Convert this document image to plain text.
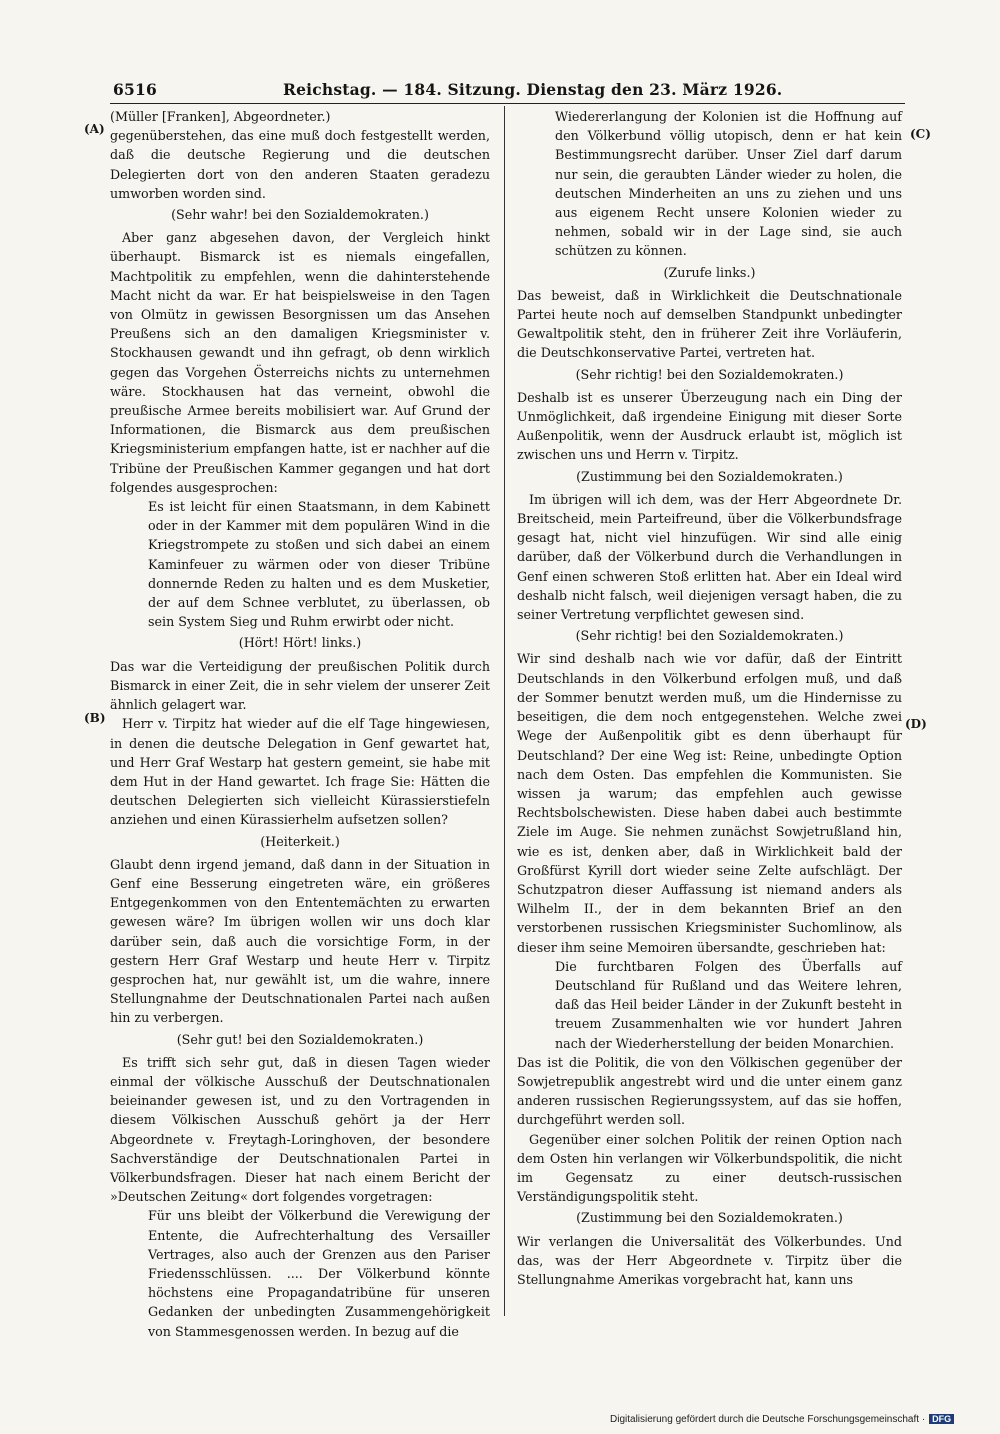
6516	Reichstag. — 184. Sitzung. Dienstag den 23. März 1926.
(A)
(B)
(C)
(D)

(Müller [Franken], Abgeordneter.)

gegenüberstehen, das eine muß doch festgestellt werden, daß die deutsche Regierung und die deutschen Delegierten dort von den anderen Staaten geradezu umworben worden sind.

(Sehr wahr! bei den Sozialdemokraten.)

Aber ganz abgesehen davon, der Vergleich hinkt überhaupt. Bismarck ist es niemals eingefallen, Machtpolitik zu empfehlen, wenn die dahinterstehende Macht nicht da war. Er hat beispielsweise in den Tagen von Olmütz in gewissen Besorgnissen um das Ansehen Preußens sich an den damaligen Kriegsminister v. Stockhausen gewandt und ihn gefragt, ob denn wirklich gegen das Vorgehen Österreichs nichts zu unternehmen wäre. Stockhausen hat das verneint, obwohl die preußische Armee bereits mobilisiert war. Auf Grund der Informationen, die Bismarck aus dem preußischen Kriegsministerium empfangen hatte, ist er nachher auf die Tribüne der Preußischen Kammer gegangen und hat dort folgendes ausgesprochen:

Es ist leicht für einen Staatsmann, in dem Kabinett oder in der Kammer mit dem populären Wind in die Kriegstrompete zu stoßen und sich dabei an einem Kaminfeuer zu wärmen oder von dieser Tribüne donnernde Reden zu halten und es dem Musketier, der auf dem Schnee verblutet, zu überlassen, ob sein System Sieg und Ruhm erwirbt oder nicht.

(Hört! Hört! links.)

Das war die Verteidigung der preußischen Politik durch Bismarck in einer Zeit, die in sehr vielem der unserer Zeit ähnlich gelagert war.

Herr v. Tirpitz hat wieder auf die elf Tage hingewiesen, in denen die deutsche Delegation in Genf gewartet hat, und Herr Graf Westarp hat gestern gemeint, sie habe mit dem Hut in der Hand gewartet. Ich frage Sie: Hätten die deutschen Delegierten sich vielleicht Kürassierstiefeln anziehen und einen Kürassierhelm aufsetzen sollen?

(Heiterkeit.)

Glaubt denn irgend jemand, daß dann in der Situation in Genf eine Besserung eingetreten wäre, ein größeres Entgegenkommen von den Ententemächten zu erwarten gewesen wäre? Im übrigen wollen wir uns doch klar darüber sein, daß auch die vorsichtige Form, in der gestern Herr Graf Westarp und heute Herr v. Tirpitz gesprochen hat, nur gewählt ist, um die wahre, innere Stellungnahme der Deutschnationalen Partei nach außen hin zu verbergen.

(Sehr gut! bei den Sozialdemokraten.)

Es trifft sich sehr gut, daß in diesen Tagen wieder einmal der völkische Ausschuß der Deutschnationalen beieinander gewesen ist, und zu den Vortragenden in diesem Völkischen Ausschuß gehört ja der Herr Abgeordnete v. Freytagh-Loringhoven, der besondere Sachverständige der Deutschnationalen Partei in Völkerbundsfragen. Dieser hat nach einem Bericht der »Deutschen Zeitung« dort folgendes vorgetragen:

Für uns bleibt der Völkerbund die Verewigung der Entente, die Aufrechterhaltung des Versailler Vertrages, also auch der Grenzen aus den Pariser Friedensschlüssen. .... Der Völkerbund könnte höchstens eine Propagandatribüne für unseren Gedanken der unbedingten Zusammengehörigkeit von Stammesgenossen werden. In bezug auf die

Wiedererlangung der Kolonien ist die Hoffnung auf den Völkerbund völlig utopisch, denn er hat kein Bestimmungsrecht darüber. Unser Ziel darf darum nur sein, die geraubten Länder wieder zu holen, die deutschen Minderheiten an uns zu ziehen und uns aus eigenem Recht unsere Kolonien wieder zu nehmen, sobald wir in der Lage sind, sie auch schützen zu können.

(Zurufe links.)

Das beweist, daß in Wirklichkeit die Deutschnationale Partei heute noch auf demselben Standpunkt unbedingter Gewaltpolitik steht, den in früherer Zeit ihre Vorläuferin, die Deutschkonservative Partei, vertreten hat.

(Sehr richtig! bei den Sozialdemokraten.)

Deshalb ist es unserer Überzeugung nach ein Ding der Unmöglichkeit, daß irgendeine Einigung mit dieser Sorte Außenpolitik, wenn der Ausdruck erlaubt ist, möglich ist zwischen uns und Herrn v. Tirpitz.

(Zustimmung bei den Sozialdemokraten.)

Im übrigen will ich dem, was der Herr Abgeordnete Dr. Breitscheid, mein Parteifreund, über die Völkerbundsfrage gesagt hat, nicht viel hinzufügen. Wir sind alle einig darüber, daß der Völkerbund durch die Verhandlungen in Genf einen schweren Stoß erlitten hat. Aber ein Ideal wird deshalb nicht falsch, weil diejenigen versagt haben, die zu seiner Vertretung verpflichtet gewesen sind.

(Sehr richtig! bei den Sozialdemokraten.)

Wir sind deshalb nach wie vor dafür, daß der Eintritt Deutschlands in den Völkerbund erfolgen muß, und daß der Sommer benutzt werden muß, um die Hindernisse zu beseitigen, die dem noch entgegenstehen. Welche zwei Wege der Außenpolitik gibt es denn überhaupt für Deutschland? Der eine Weg ist: Reine, unbedingte Option nach dem Osten. Das empfehlen die Kommunisten. Sie wissen ja warum; das empfehlen auch gewisse Rechtsbolschewisten. Diese haben dabei auch bestimmte Ziele im Auge. Sie nehmen zunächst Sowjetrußland hin, wie es ist, denken aber, daß in Wirklichkeit bald der Großfürst Kyrill dort wieder seine Zelte aufschlägt. Der Schutzpatron dieser Auffassung ist niemand anders als Wilhelm II., der in dem bekannten Brief an den verstorbenen russischen Kriegsminister Suchomlinow, als dieser ihm seine Memoiren übersandte, geschrieben hat:

Die furchtbaren Folgen des Überfalls auf Deutschland für Rußland und das Weitere lehren, daß das Heil beider Länder in der Zukunft besteht in treuem Zusammenhalten wie vor hundert Jahren nach der Wiederherstellung der beiden Monarchien.

Das ist die Politik, die von den Völkischen gegenüber der Sowjetrepublik angestrebt wird und die unter einem ganz anderen russischen Regierungssystem, auf das sie hoffen, durchgeführt werden soll.

Gegenüber einer solchen Politik der reinen Option nach dem Osten hin verlangen wir Völkerbundspolitik, die nicht im Gegensatz zu einer deutsch-russischen Verständigungspolitik steht.

(Zustimmung bei den Sozialdemokraten.)

Wir verlangen die Universalität des Völkerbundes. Und das, was der Herr Abgeordnete v. Tirpitz über die Stellungnahme Amerikas vorgebracht hat, kann uns

Digitalisierung gefördert durch die Deutsche Forschungsgemeinschaft · DFG
